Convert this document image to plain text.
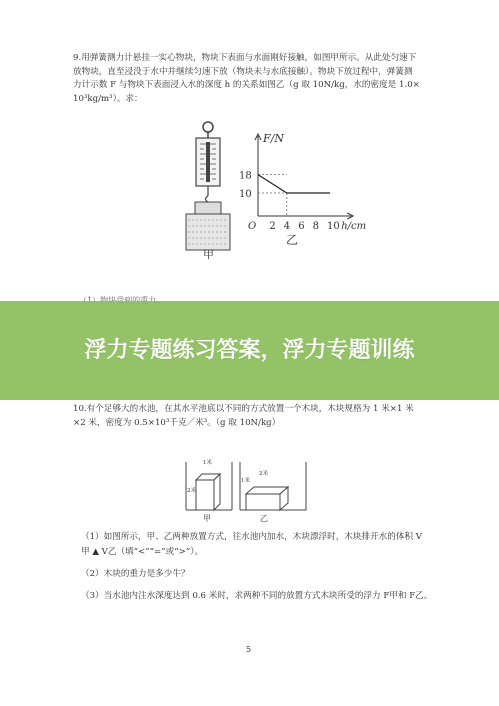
9.用弹簧测力计悬挂一实心物块，物块下表面与水面刚好接触，如图甲所示。从此处匀速下
放物块，直至浸没于水中并继续匀速下放（物块未与水底接触）。物块下放过程中，弹簧测
力计示数 F 与物块下表面浸入水的深度 h 的关系如图乙（g 取 10N/kg，水的密度是 1.0×
10³kg/m³）。求：
甲
F/N
h/cm
O 2 4 6 8 10
10
18
乙
浮力专题练习答案，浮力专题训练
10.有个足够大的水池，在其水平池底以不同的方式放置一个木块，木块规格为 1 米×1 米
×2 米，密度为 0.5×10³千克／米³。（g 取 10N/kg）
1米
2米
1米
2米
甲	乙
（1）如图所示，甲、乙两种放置方式，往水池内加水，木块漂浮时，木块排开水的体积 V
甲 ▲ V乙（填“<”“=”或“>”）。
（2）木块的重力是多少牛？
（3）当水池内注水深度达到 0.6 米时，求两种不同的放置方式木块所受的浮力 F甲和 F乙。
5
